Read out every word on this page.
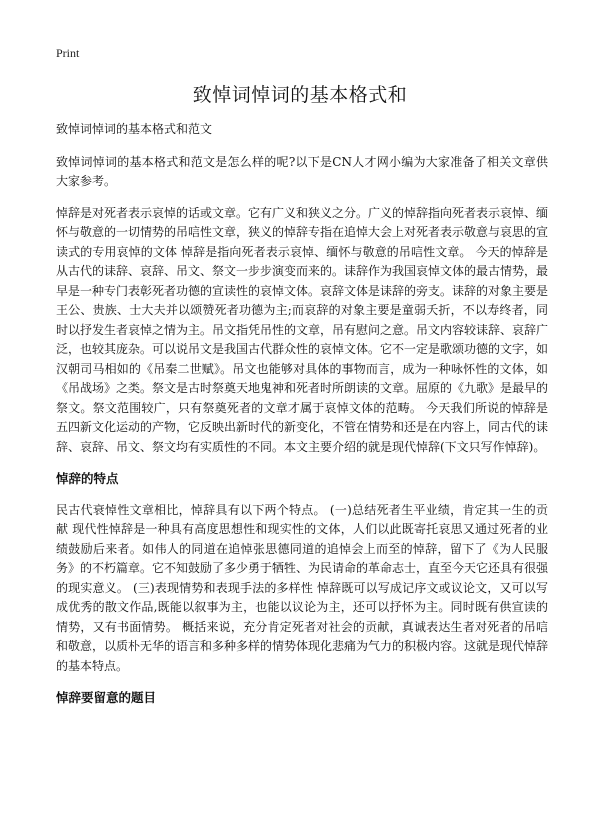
Print
致悼词悼词的基本格式和

致悼词悼词的基本格式和范文

致悼词悼词的基本格式和范文是怎么样的呢?以下是CN人才网小编为大家准备了相关文章供大家参考。

悼辞是对死者表示哀悼的话或文章。它有广义和狭义之分。广义的悼辞指向死者表示哀悼、缅怀与敬意的一切情势的吊唁性文章，狭义的悼辞专指在追悼大会上对死者表示敬意与哀思的宣读式的专用哀悼的文体 悼辞是指向死者表示哀悼、缅怀与敬意的吊唁性文章。 今天的悼辞是从古代的诔辞、哀辞、吊文、祭文一步步演变而来的。诔辞作为我国哀悼文体的最古情势，最早是一种专门表彰死者功德的宣读性的哀悼文体。哀辞文体是诔辞的旁支。诔辞的对象主要是王公、贵族、士大夫并以颂赞死者功德为主;而哀辞的对象主要是童弱夭折，不以寿终者，同时以抒发生者哀悼之情为主。吊文指凭吊性的文章，吊有慰问之意。吊文内容较诔辞、哀辞广泛，也较其庞杂。可以说吊文是我国古代群众性的哀悼文体。它不一定是歌颂功德的文字，如汉朝司马相如的《吊秦二世赋》。吊文也能够对具体的事物而言，成为一种咏怀性的文体，如《吊战场》之类。祭文是古时祭奠天地鬼神和死者时所朗读的文章。屈原的《九歌》是最早的祭文。祭文范围较广，只有祭奠死者的文章才属于哀悼文体的范畴。 今天我们所说的悼辞是五四新文化运动的产物，它反映出新时代的新变化，不管在情势和还是在内容上，同古代的诔辞、哀辞、吊文、祭文均有实质性的不同。本文主要介绍的就是现代悼辞(下文只写作悼辞)。

悼辞的特点

民古代衰悼性文章相比，悼辞具有以下两个特点。 (一)总结死者生平业绩，肯定其一生的贡献 现代性悼辞是一种具有高度思想性和现实性的文体，人们以此既寄托哀思又通过死者的业绩鼓励后来者。如伟人的同道在追悼张思德同道的追悼会上而至的悼辞，留下了《为人民服务》的不朽篇章。它不知鼓励了多少勇于牺牲、为民请命的革命志士，直至今天它还具有很强的现实意义。 (三)表现情势和表现手法的多样性 悼辞既可以写成记序文或议论文，又可以写成优秀的散文作品,既能以叙事为主，也能以议论为主，还可以抒怀为主。同时既有供宣读的情势，又有书面情势。 概括来说，充分肯定死者对社会的贡献，真诚表达生者对死者的吊唁和敬意，以质朴无华的语言和多种多样的情势体现化悲痛为气力的积极内容。这就是现代悼辞的基本特点。

悼辞要留意的题目
